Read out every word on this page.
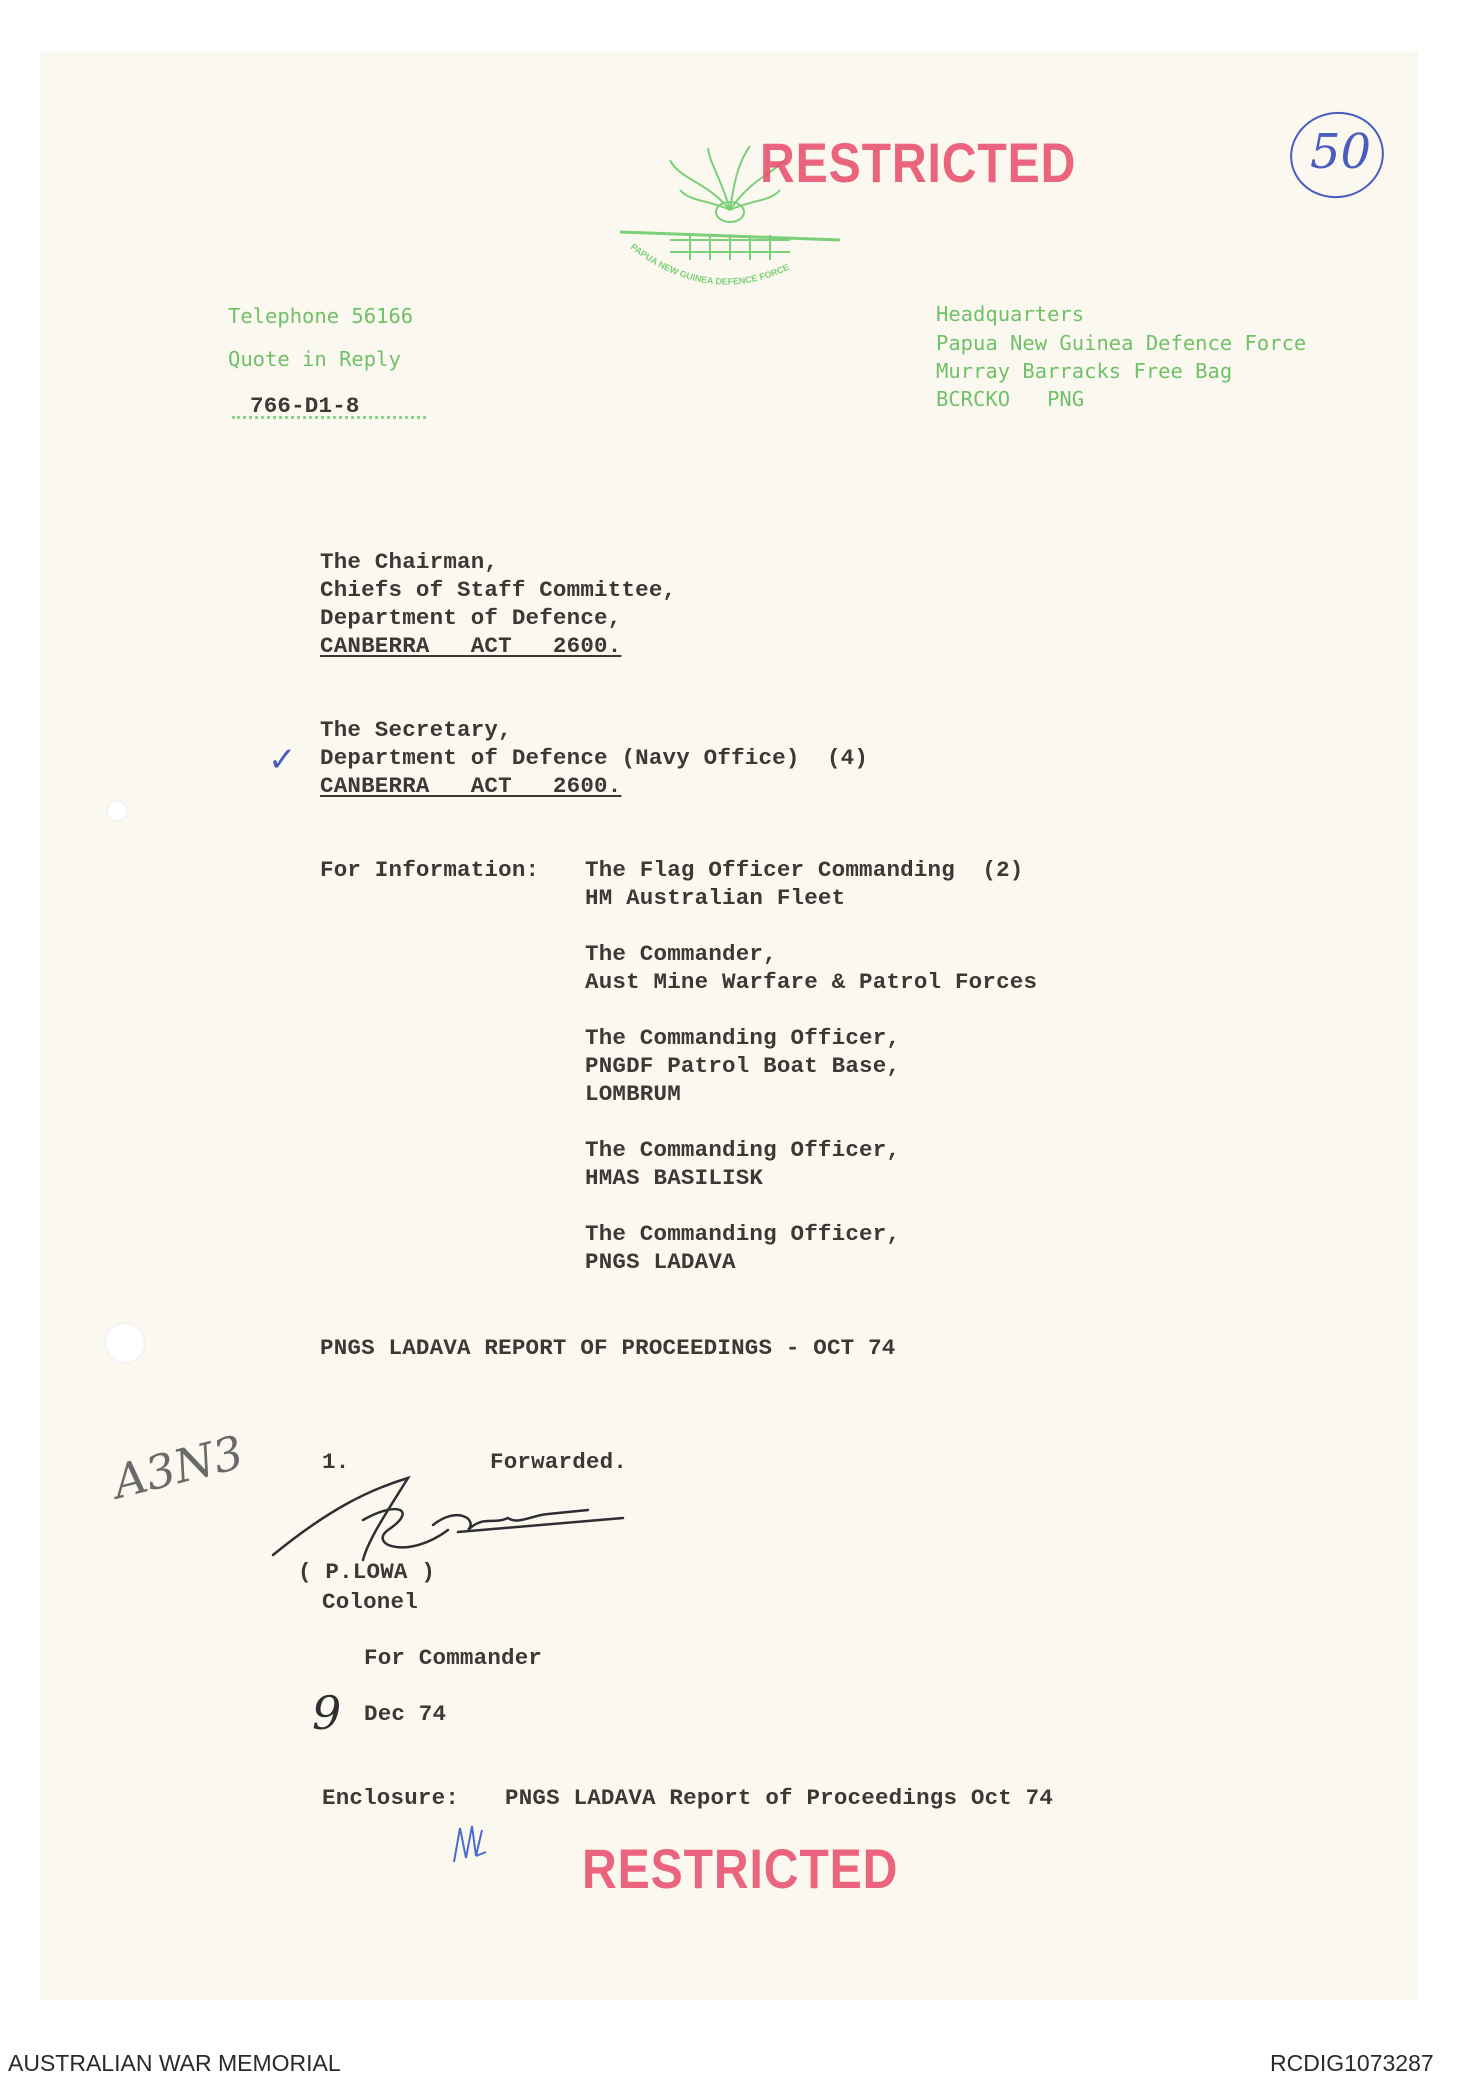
PAPUA NEW GUINEA DEFENCE FORCE
RESTRICTED	50
Telephone 56166
Quote in Reply
766-D1-8
Headquarters
Papua New Guinea Defence Force
Murray Barracks Free Bag
BCRCKO   PNG
The Chairman,
Chiefs of Staff Committee,
Department of Defence,
CANBERRA   ACT   2600.
✓
The Secretary,
Department of Defence (Navy Office)  (4)
CANBERRA   ACT   2600.
For Information: The Flag Officer Commanding  (2)
HM Australian Fleet
The Commander,
Aust Mine Warfare & Patrol Forces
The Commanding Officer,
PNGDF Patrol Boat Base,
LOMBRUM
The Commanding Officer,
HMAS BASILISK
The Commanding Officer,
PNGS LADAVA
PNGS LADAVA REPORT OF PROCEEDINGS - OCT 74
A3N3	1.	Forwarded.
( P.LOWA )
Colonel
For Commander
9 Dec 74
Enclosure: PNGS LADAVA Report of Proceedings Oct 74
RESTRICTED
AUSTRALIAN WAR MEMORIAL	RCDIG1073287
